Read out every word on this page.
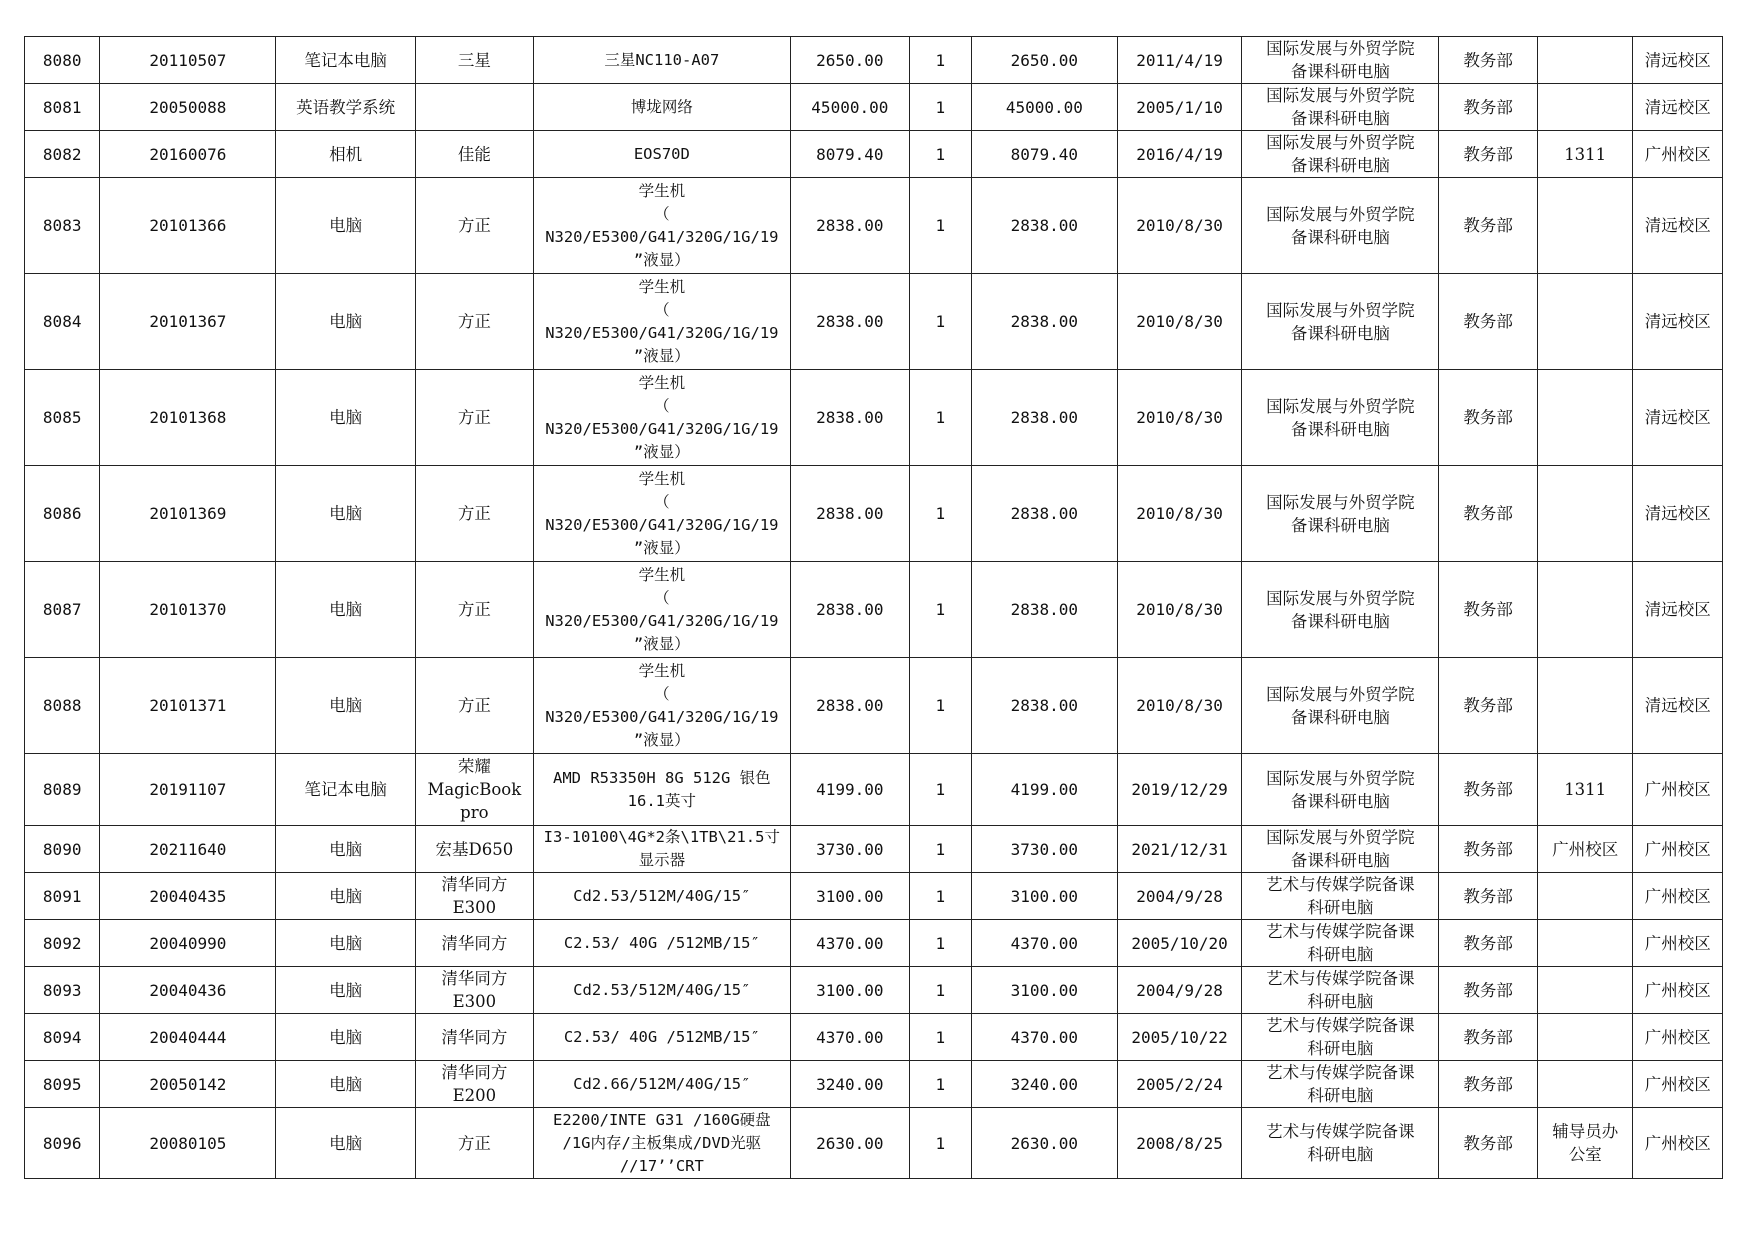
8080	20110507	笔记本电脑	三星	三星NC110-A07	2650.00	1	2650.00	2011/4/19	国际发展与外贸学院
备课科研电脑	教务部		清远校区
8081	20050088	英语教学系统		博垅网络	45000.00	1	45000.00	2005/1/10	国际发展与外贸学院
备课科研电脑	教务部		清远校区
8082	20160076	相机	佳能	EOS70D	8079.40	1	8079.40	2016/4/19	国际发展与外贸学院
备课科研电脑	教务部	1311	广州校区
8083	20101366	电脑	方正	学生机
（
N320/E5300/G41/320G/1G/19
”液显）	2838.00	1	2838.00	2010/8/30	国际发展与外贸学院
备课科研电脑	教务部		清远校区
8084	20101367	电脑	方正	学生机
（
N320/E5300/G41/320G/1G/19
”液显）	2838.00	1	2838.00	2010/8/30	国际发展与外贸学院
备课科研电脑	教务部		清远校区
8085	20101368	电脑	方正	学生机
（
N320/E5300/G41/320G/1G/19
”液显）	2838.00	1	2838.00	2010/8/30	国际发展与外贸学院
备课科研电脑	教务部		清远校区
8086	20101369	电脑	方正	学生机
（
N320/E5300/G41/320G/1G/19
”液显）	2838.00	1	2838.00	2010/8/30	国际发展与外贸学院
备课科研电脑	教务部		清远校区
8087	20101370	电脑	方正	学生机
（
N320/E5300/G41/320G/1G/19
”液显）	2838.00	1	2838.00	2010/8/30	国际发展与外贸学院
备课科研电脑	教务部		清远校区
8088	20101371	电脑	方正	学生机
（
N320/E5300/G41/320G/1G/19
”液显）	2838.00	1	2838.00	2010/8/30	国际发展与外贸学院
备课科研电脑	教务部		清远校区
8089	20191107	笔记本电脑	荣耀
MagicBook
pro	AMD R53350H 8G 512G 银色
16.1英寸	4199.00	1	4199.00	2019/12/29	国际发展与外贸学院
备课科研电脑	教务部	1311	广州校区
8090	20211640	电脑	宏基D650	I3-10100\4G*2条\1TB\21.5寸
显示器	3730.00	1	3730.00	2021/12/31	国际发展与外贸学院
备课科研电脑	教务部	广州校区	广州校区
8091	20040435	电脑	清华同方
E300	Cd2.53/512M/40G/15″	3100.00	1	3100.00	2004/9/28	艺术与传媒学院备课
科研电脑	教务部		广州校区
8092	20040990	电脑	清华同方	C2.53/ 40G /512MB/15″	4370.00	1	4370.00	2005/10/20	艺术与传媒学院备课
科研电脑	教务部		广州校区
8093	20040436	电脑	清华同方
E300	Cd2.53/512M/40G/15″	3100.00	1	3100.00	2004/9/28	艺术与传媒学院备课
科研电脑	教务部		广州校区
8094	20040444	电脑	清华同方	C2.53/ 40G /512MB/15″	4370.00	1	4370.00	2005/10/22	艺术与传媒学院备课
科研电脑	教务部		广州校区
8095	20050142	电脑	清华同方
E200	Cd2.66/512M/40G/15″	3240.00	1	3240.00	2005/2/24	艺术与传媒学院备课
科研电脑	教务部		广州校区
8096	20080105	电脑	方正	E2200/INTE G31 /160G硬盘
/1G内存/主板集成/DVD光驱
//17’’CRT	2630.00	1	2630.00	2008/8/25	艺术与传媒学院备课
科研电脑	教务部	辅导员办
公室	广州校区
